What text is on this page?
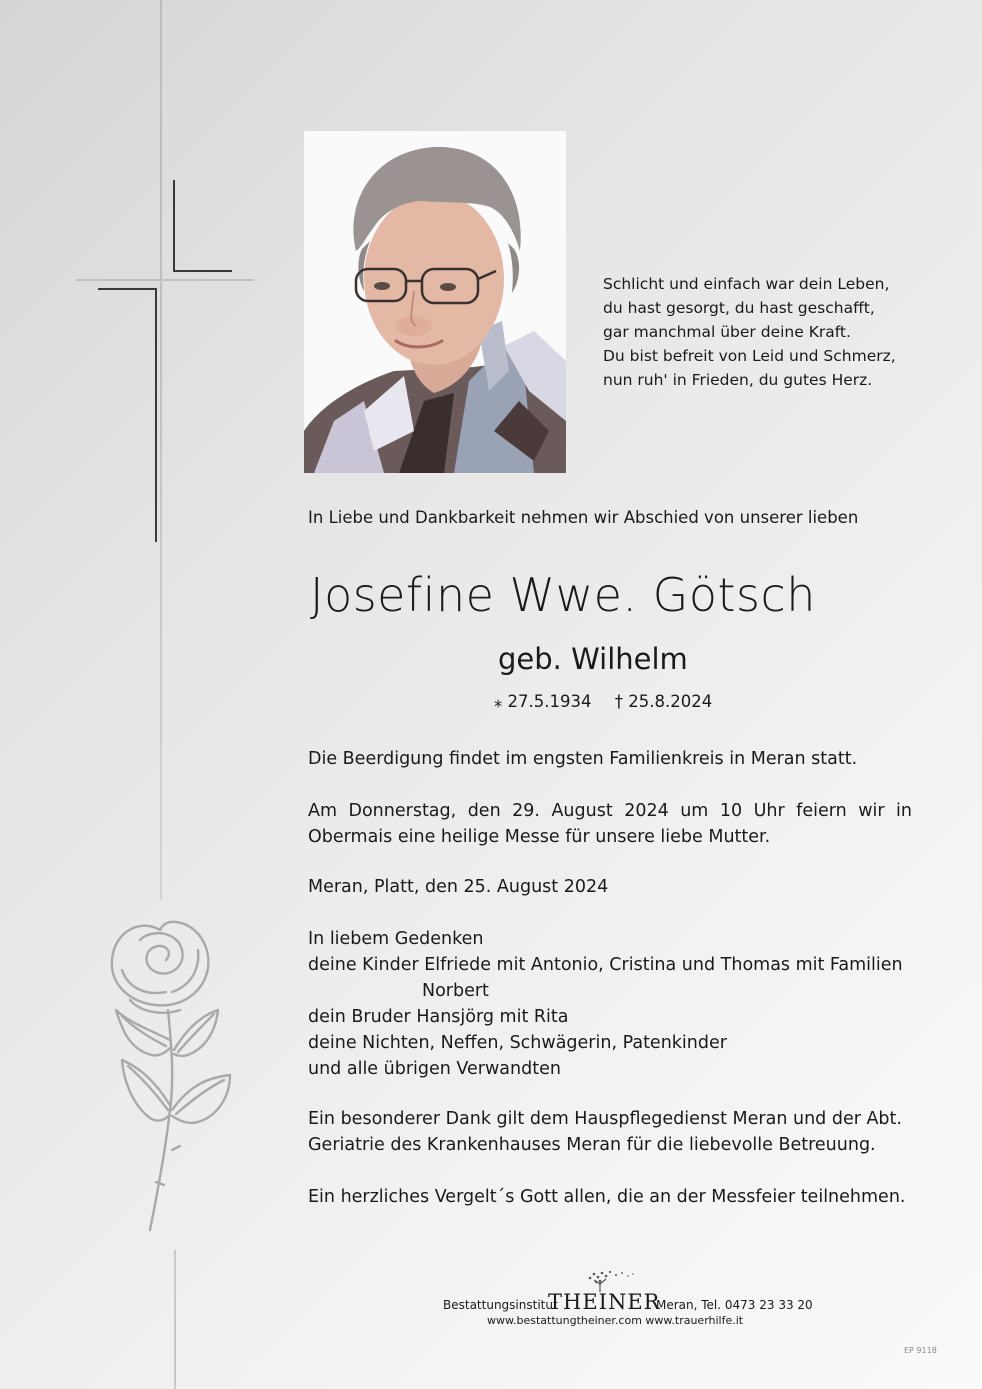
Schlicht und einfach war dein Leben,
du hast gesorgt, du hast geschafft,
gar manchmal über deine Kraft.
Du bist befreit von Leid und Schmerz,
nun ruh' in Frieden, du gutes Herz.
In Liebe und Dankbarkeit nehmen wir Abschied von unserer lieben
Josefine Wwe. Götsch
geb. Wilhelm
⁎ 27.5.1934 † 25.8.2024
Die Beerdigung findet im engsten Familienkreis in Meran statt.
Am Donnerstag, den 29. August 2024 um 10 Uhr feiern wir in Obermais eine heilige Messe für unsere liebe Mutter.
Meran, Platt, den 25. August 2024
In liebem Gedenken
deine Kinder Elfriede mit Antonio, Cristina und Thomas mit Familien
Norbert
dein Bruder Hansjörg mit Rita
deine Nichten, Neffen, Schwägerin, Patenkinder
und alle übrigen Verwandten
Ein besonderer Dank gilt dem Hauspflegedienst Meran und der Abt. Geriatrie des Krankenhauses Meran für die liebevolle Betreuung.
Ein herzliches Vergelt´s Gott allen, die an der Messfeier teilnehmen.
Bestattungsinstitut
THEINER
Meran, Tel. 0473 23 33 20
www.bestattungtheiner.com www.trauerhilfe.it
EP 9118
